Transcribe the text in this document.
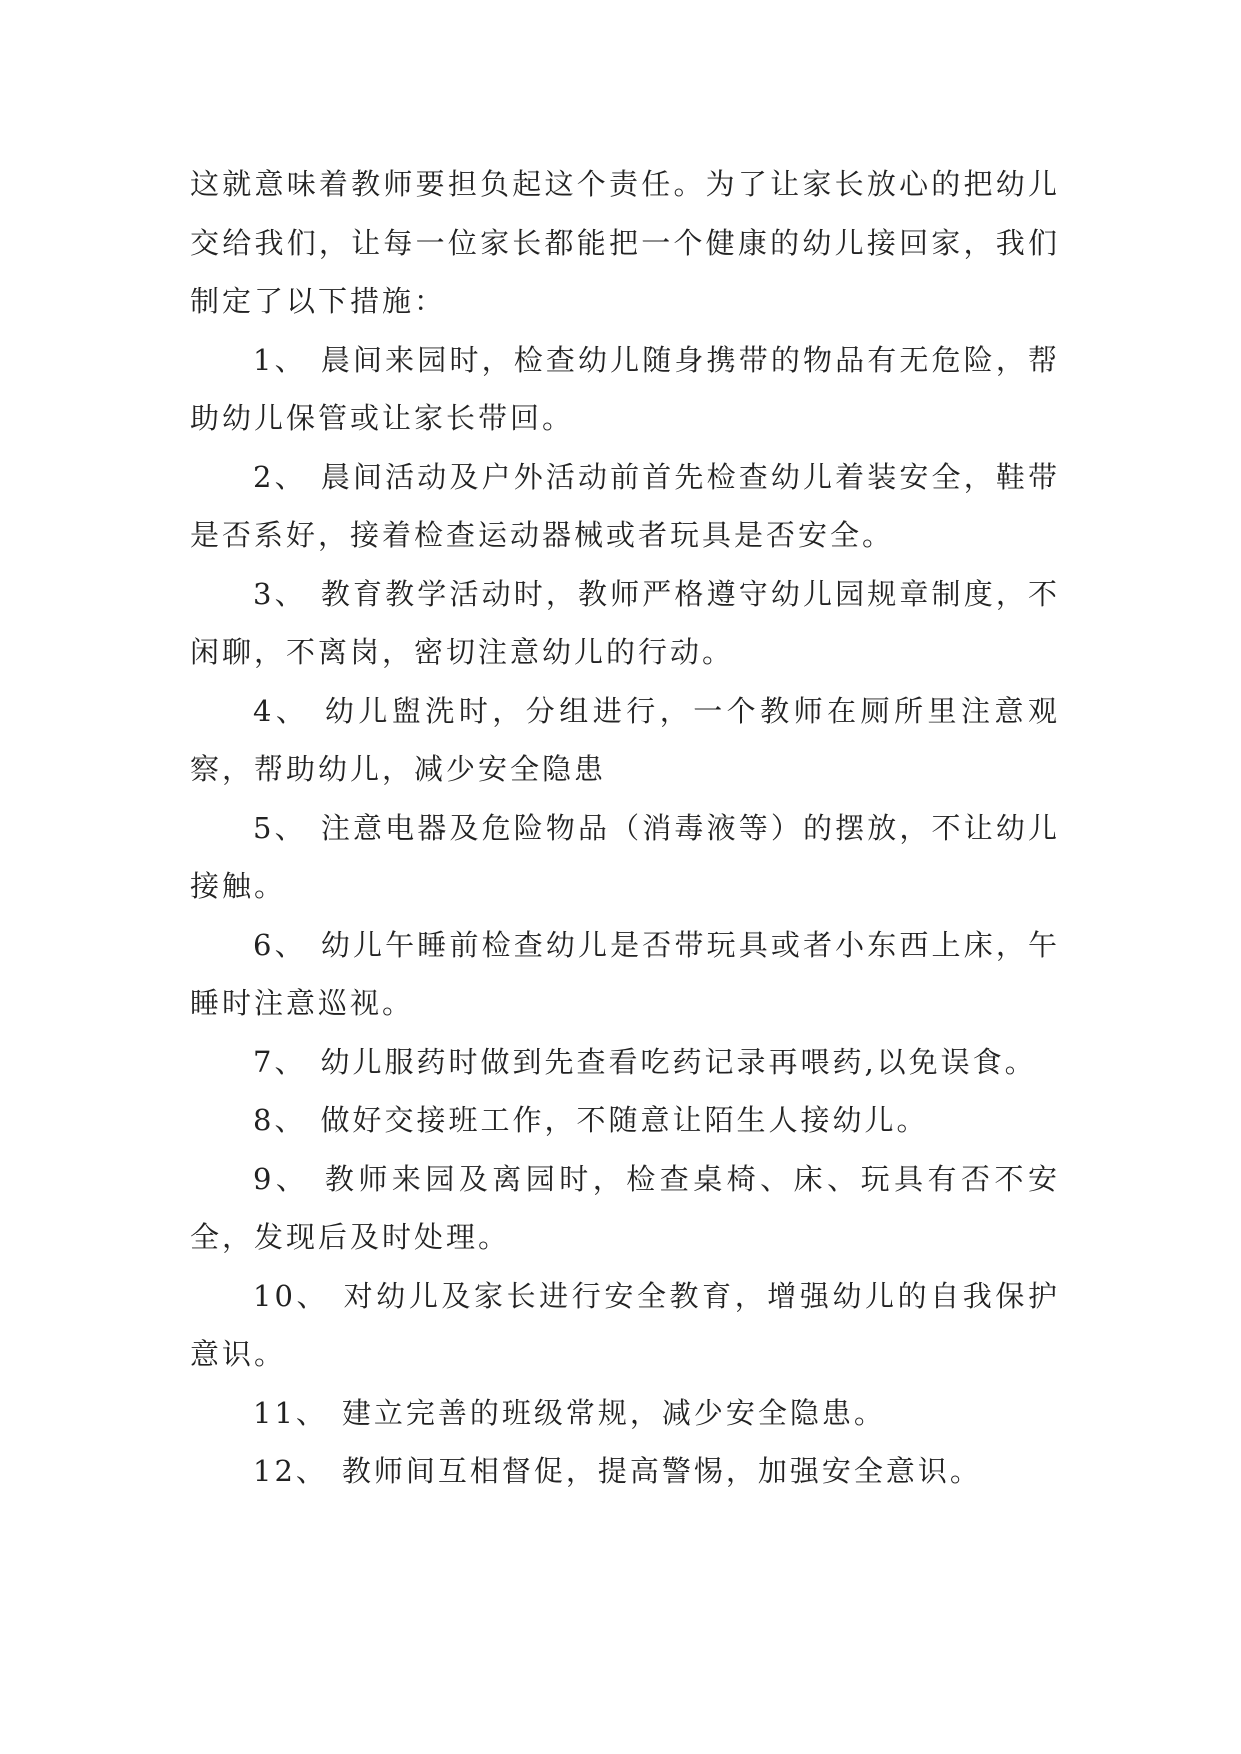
这就意味着教师要担负起这个责任。为了让家长放心的把幼儿交给我们，让每一位家长都能把一个健康的幼儿接回家，我们制定了以下措施：

1、 晨间来园时，检查幼儿随身携带的物品有无危险，帮助幼儿保管或让家长带回。

2、 晨间活动及户外活动前首先检查幼儿着装安全，鞋带是否系好，接着检查运动器械或者玩具是否安全。

3、 教育教学活动时，教师严格遵守幼儿园规章制度，不闲聊，不离岗，密切注意幼儿的行动。

4、 幼儿盥洗时，分组进行，一个教师在厕所里注意观察，帮助幼儿，减少安全隐患

5、 注意电器及危险物品（消毒液等）的摆放，不让幼儿接触。

6、 幼儿午睡前检查幼儿是否带玩具或者小东西上床，午睡时注意巡视。

7、 幼儿服药时做到先查看吃药记录再喂药,以免误食。

8、 做好交接班工作，不随意让陌生人接幼儿。

9、 教师来园及离园时，检查桌椅、床、玩具有否不安全，发现后及时处理。

10、 对幼儿及家长进行安全教育，增强幼儿的自我保护意识。

11、 建立完善的班级常规，减少安全隐患。

12、 教师间互相督促，提高警惕，加强安全意识。
